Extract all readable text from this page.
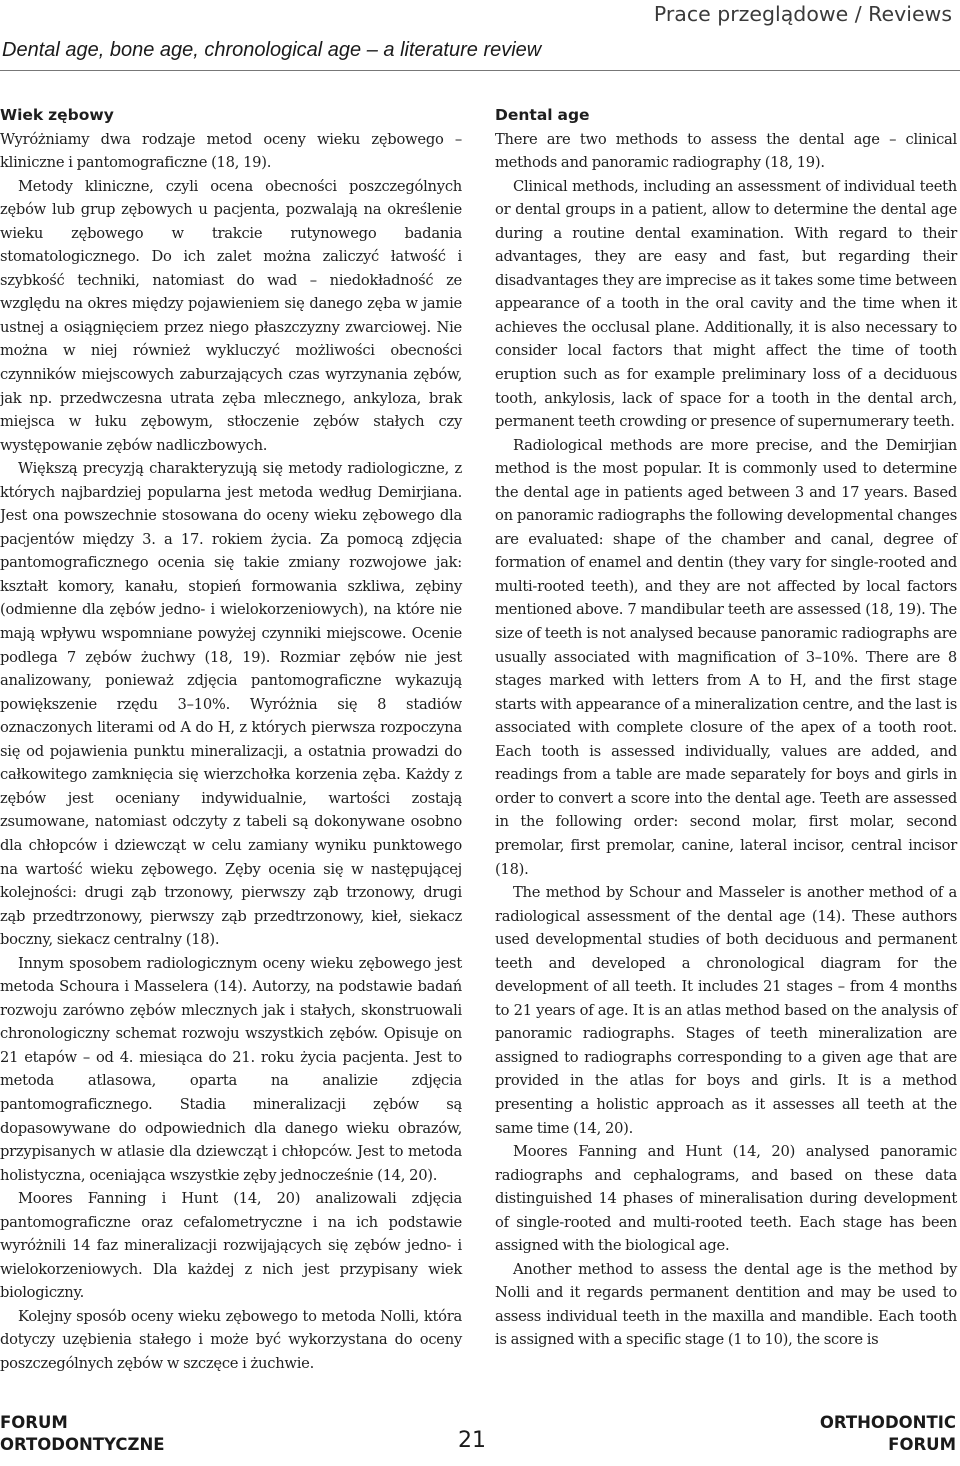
Prace przeglądowe / Reviews
Dental age, bone age, chronological age – a literature review
Wiek zębowy

Wyróżniamy dwa rodzaje metod oceny wieku zębowego – kliniczne i pantomograficzne (18, 19).

Metody kliniczne, czyli ocena obecności poszczególnych zębów lub grup zębowych u pacjenta, pozwalają na określenie wieku zębowego w trakcie rutynowego badania stomatologicznego. Do ich zalet można zaliczyć łatwość i szybkość techniki, natomiast do wad – niedokładność ze względu na okres między pojawieniem się danego zęba w jamie ustnej a osiągnięciem przez niego płaszczyzny zwarciowej. Nie można w niej również wykluczyć możliwości obecności czynników miejscowych zaburzających czas wyrzynania zębów, jak np. przedwczesna utrata zęba mlecznego, ankyloza, brak miejsca w łuku zębowym, stłoczenie zębów stałych czy występowanie zębów nadliczbowych.

Większą precyzją charakteryzują się metody radiologiczne, z których najbardziej popularna jest metoda według Demirjiana. Jest ona powszechnie stosowana do oceny wieku zębowego dla pacjentów między 3. a 17. rokiem życia. Za pomocą zdjęcia pantomograficznego ocenia się takie zmiany rozwojowe jak: kształt komory, kanału, stopień formowania szkliwa, zębiny (odmienne dla zębów jedno- i wielokorzeniowych), na które nie mają wpływu wspomniane powyżej czynniki miejscowe. Ocenie podlega 7 zębów żuchwy (18, 19). Rozmiar zębów nie jest analizowany, ponieważ zdjęcia pantomograficzne wykazują powiększenie rzędu 3–10%. Wyróżnia się 8 stadiów oznaczonych literami od A do H, z których pierwsza rozpoczyna się od pojawienia punktu mineralizacji, a ostatnia prowadzi do całkowitego zamknięcia się wierzchołka korzenia zęba. Każdy z zębów jest oceniany indywidualnie, wartości zostają zsumowane, natomiast odczyty z tabeli są dokonywane osobno dla chłopców i dziewcząt w celu zamiany wyniku punktowego na wartość wieku zębowego. Zęby ocenia się w następującej kolejności: drugi ząb trzonowy, pierwszy ząb trzonowy, drugi ząb przedtrzonowy, pierwszy ząb przedtrzonowy, kieł, siekacz boczny, siekacz centralny (18).

Innym sposobem radiologicznym oceny wieku zębowego jest metoda Schoura i Masselera (14). Autorzy, na podstawie badań rozwoju zarówno zębów mlecznych jak i stałych, skonstruowali chronologiczny schemat rozwoju wszystkich zębów. Opisuje on 21 etapów – od 4. miesiąca do 21. roku życia pacjenta. Jest to metoda atlasowa, oparta na analizie zdjęcia pantomograficznego. Stadia mineralizacji zębów są dopasowywane do odpowiednich dla danego wieku obrazów, przypisanych w atlasie dla dziewcząt i chłopców. Jest to metoda holistyczna, oceniająca wszystkie zęby jednocześnie (14, 20).

Moores Fanning i Hunt (14, 20) analizowali zdjęcia pantomograficzne oraz cefalometryczne i na ich podstawie wyróżnili 14 faz mineralizacji rozwijających się zębów jedno- i wielokorzeniowych. Dla każdej z nich jest przypisany wiek biologiczny.

Kolejny sposób oceny wieku zębowego to metoda Nolli, która dotyczy uzębienia stałego i może być wykorzystana do oceny poszczególnych zębów w szczęce i żuchwie.

Dental age

There are two methods to assess the dental age – clinical methods and panoramic radiography (18, 19).

Clinical methods, including an assessment of individual teeth or dental groups in a patient, allow to determine the dental age during a routine dental examination. With regard to their advantages, they are easy and fast, but regarding their disadvantages they are imprecise as it takes some time between appearance of a tooth in the oral cavity and the time when it achieves the occlusal plane. Additionally, it is also necessary to consider local factors that might affect the time of tooth eruption such as for example preliminary loss of a deciduous tooth, ankylosis, lack of space for a tooth in the dental arch, permanent teeth crowding or presence of supernumerary teeth.

Radiological methods are more precise, and the Demirjian method is the most popular. It is commonly used to determine the dental age in patients aged between 3 and 17 years. Based on panoramic radiographs the following developmental changes are evaluated: shape of the chamber and canal, degree of formation of enamel and dentin (they vary for single-rooted and multi-rooted teeth), and they are not affected by local factors mentioned above. 7 mandibular teeth are assessed (18, 19). The size of teeth is not analysed because panoramic radiographs are usually associated with magnification of 3–10%. There are 8 stages marked with letters from A to H, and the first stage starts with appearance of a mineralization centre, and the last is associated with complete closure of the apex of a tooth root. Each tooth is assessed individually, values are added, and readings from a table are made separately for boys and girls in order to convert a score into the dental age. Teeth are assessed in the following order: second molar, first molar, second premolar, first premolar, canine, lateral incisor, central incisor (18).

The method by Schour and Masseler is another method of a radiological assessment of the dental age (14). These authors used developmental studies of both deciduous and permanent teeth and developed a chronological diagram for the development of all teeth. It includes 21 stages – from 4 months to 21 years of age. It is an atlas method based on the analysis of panoramic radiographs. Stages of teeth mineralization are assigned to radiographs corresponding to a given age that are provided in the atlas for boys and girls. It is a method presenting a holistic approach as it assesses all teeth at the same time (14, 20).

Moores Fanning and Hunt (14, 20) analysed panoramic radiographs and cephalograms, and based on these data distinguished 14 phases of mineralisation during development of single-rooted and multi-rooted teeth. Each stage has been assigned with the biological age.

Another method to assess the dental age is the method by Nolli and it regards permanent dentition and may be used to assess individual teeth in the maxilla and mandible. Each tooth is assigned with a specific stage (1 to 10), the score is

FORUM
ORTODONTYCZNE	21
ORTHODONTIC
FORUM
